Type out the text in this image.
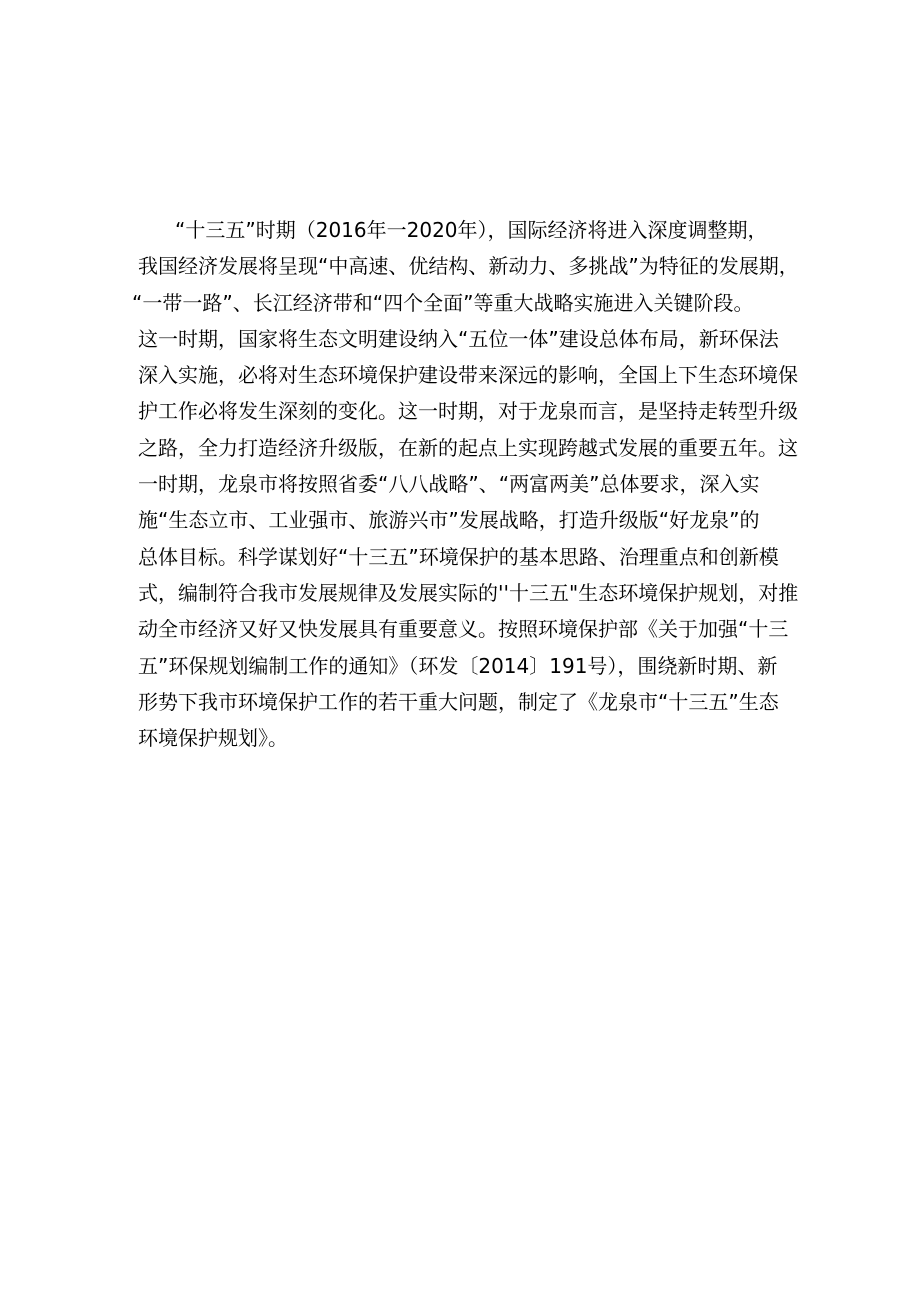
“十三五”时期（2016年一2020年），国际经济将进入深度调整期，
我国经济发展将呈现“中高速、优结构、新动力、多挑战”为特征的发展期，
“一带一路”、长江经济带和“四个全面”等重大战略实施进入关键阶段。
这一时期，国家将生态文明建设纳入“五位一体”建设总体布局，新环保法
深入实施，必将对生态环境保护建设带来深远的影响，全国上下生态环境保
护工作必将发生深刻的变化。这一时期，对于龙泉而言，是坚持走转型升级
之路，全力打造经济升级版，在新的起点上实现跨越式发展的重要五年。这
一时期，龙泉市将按照省委“八八战略”、“两富两美”总体要求，深入实
施“生态立市、工业强市、旅游兴市”发展战略，打造升级版“好龙泉”的
总体目标。科学谋划好“十三五”环境保护的基本思路、治理重点和创新模
式，编制符合我市发展规律及发展实际的''十三五"生态环境保护规划，对推
动全市经济又好又快发展具有重要意义。按照环境保护部《关于加强“十三
五”环保规划编制工作的通知》（环发〔2014〕191号），围绕新时期、新
形势下我市环境保护工作的若干重大问题，制定了《龙泉市“十三五”生态
环境保护规划》。
